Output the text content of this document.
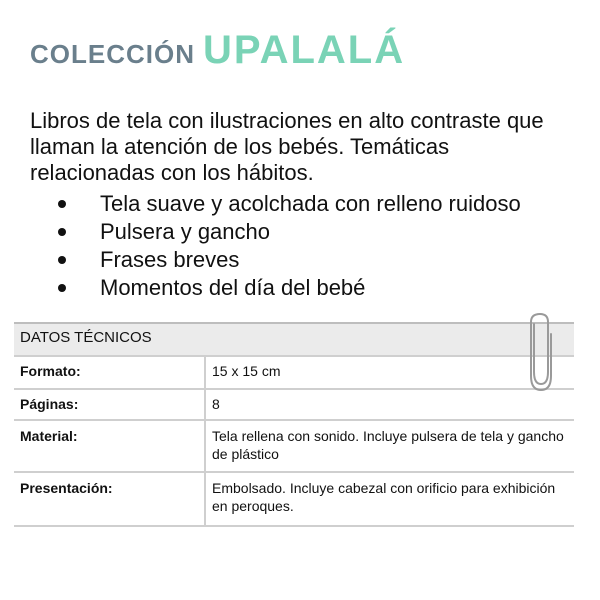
COLECCIÓN UPALALÁ

Libros de tela con ilustraciones en alto contraste que llaman la atención de los bebés. Temáticas relacionadas con los hábitos.

Tela suave y acolchada con relleno ruidoso
Pulsera y gancho
Frases breves
Momentos del día del bebé
DATOS TÉCNICOS	
Formato:	15 x 15 cm
Páginas:	8
Material:	Tela rellena con sonido. Incluye pulsera de tela y gancho de plástico
Presentación:	Embolsado. Incluye cabezal con orificio para exhibición en peroques.
